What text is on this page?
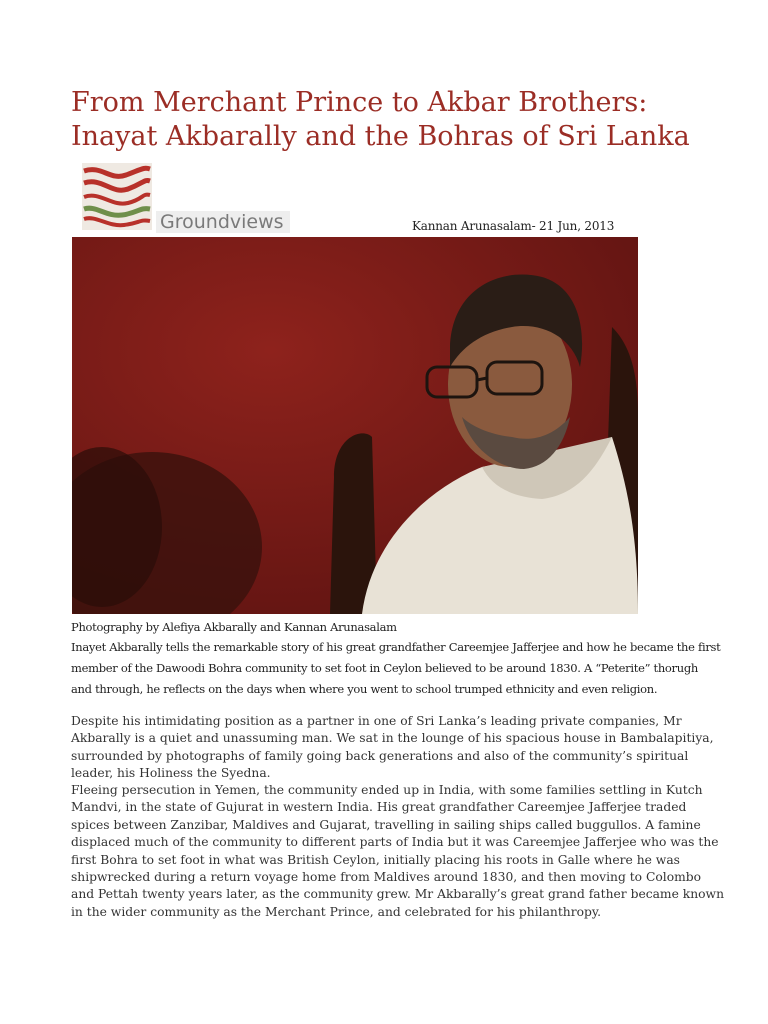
From Merchant Prince to Akbar Brothers:
Inayat Akbarally and the Bohras of Sri Lanka
Groundviews	Kannan Arunasalam- 21 Jun, 2013
Photography by Alefiya Akbarally and Kannan Arunasalam
Inayet Akbarally tells the remarkable story of his great grandfather Careemjee Jafferjee and how he became the first
member of the Dawoodi Bohra community to set foot in Ceylon believed to be around 1830. A “Peterite” thorugh
and through, he reflects on the days when where you went to school trumped ethnicity and even religion.
Despite his intimidating position as a partner in one of Sri Lanka’s leading private companies, Mr
Akbarally is a quiet and unassuming man. We sat in the lounge of his spacious house in Bambalapitiya,
surrounded by photographs of family going back generations and also of the community’s spiritual
leader, his Holiness the Syedna.
Fleeing persecution in Yemen, the community ended up in India, with some families settling in Kutch
Mandvi, in the state of Gujurat in western India. His great grandfather Careemjee Jafferjee traded
spices between Zanzibar, Maldives and Gujarat, travelling in sailing ships called buggullos. A famine
displaced much of the community to different parts of India but it was Careemjee Jafferjee who was the
first Bohra to set foot in what was British Ceylon, initially placing his roots in Galle where he was
shipwrecked during a return voyage home from Maldives around 1830, and then moving to Colombo
and Pettah twenty years later, as the community grew. Mr Akbarally’s great grand father became known
in the wider community as the Merchant Prince, and celebrated for his philanthropy.
